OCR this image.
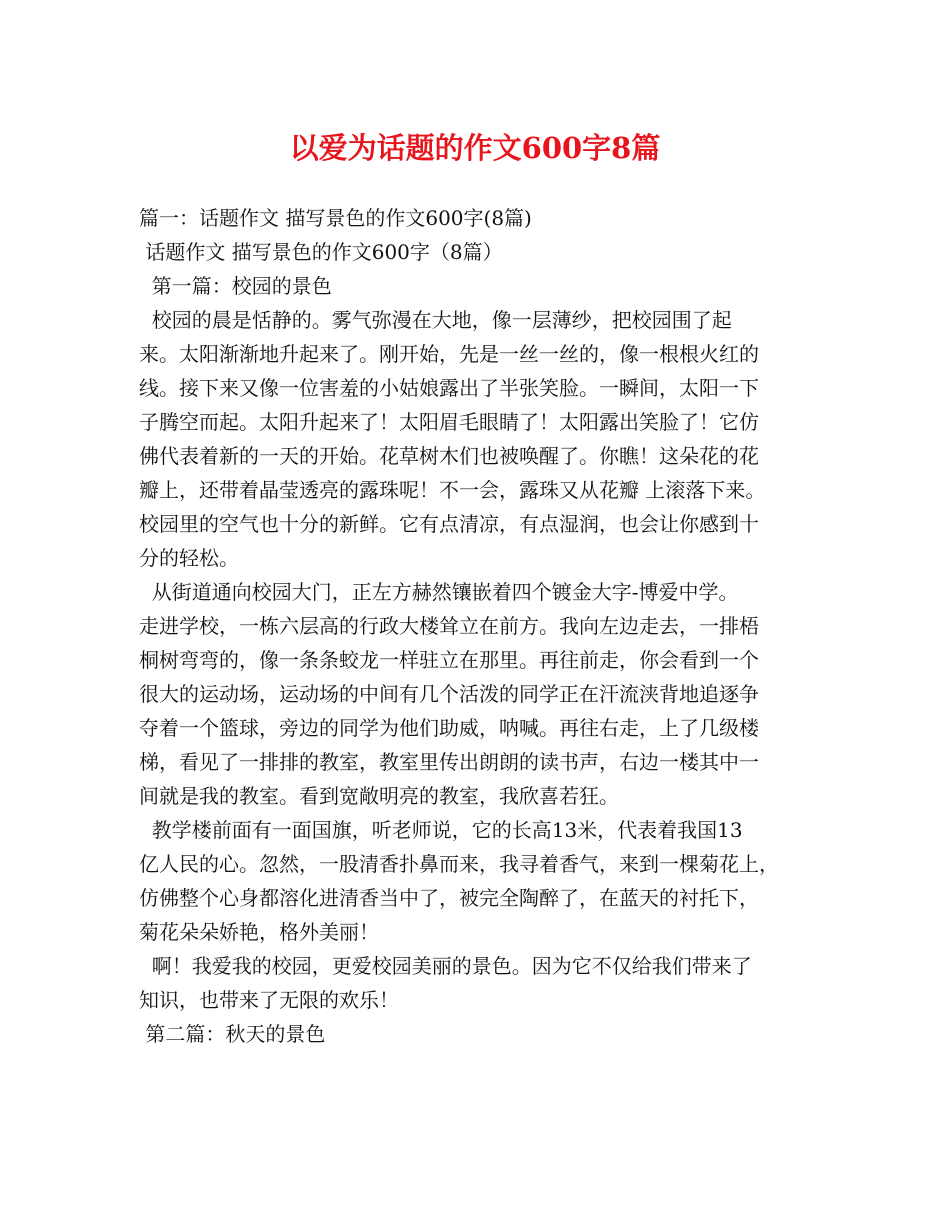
以爱为话题的作文600字8篇
篇一：话题作文 描写景色的作文600字(8篇)
话题作文 描写景色的作文600字（8篇）
第一篇：校园的景色
校园的晨是恬静的。雾气弥漫在大地，像一层薄纱，把校园围了起
来。太阳渐渐地升起来了。刚开始，先是一丝一丝的，像一根根火红的
线。接下来又像一位害羞的小姑娘露出了半张笑脸。一瞬间，太阳一下
子腾空而起。太阳升起来了！太阳眉毛眼睛了！太阳露出笑脸了！它仿
佛代表着新的一天的开始。花草树木们也被唤醒了。你瞧！这朵花的花
瓣上，还带着晶莹透亮的露珠呢！不一会，露珠又从花瓣 上滚落下来。
校园里的空气也十分的新鲜。它有点清凉，有点湿润，也会让你感到十
分的轻松。
从街道通向校园大门，正左方赫然镶嵌着四个镀金大字-博爱中学。
走进学校，一栋六层高的行政大楼耸立在前方。我向左边走去，一排梧
桐树弯弯的，像一条条蛟龙一样驻立在那里。再往前走，你会看到一个
很大的运动场，运动场的中间有几个活泼的同学正在汗流浃背地追逐争
夺着一个篮球，旁边的同学为他们助威，呐喊。再往右走，上了几级楼
梯，看见了一排排的教室，教室里传出朗朗的读书声，右边一楼其中一
间就是我的教室。看到宽敞明亮的教室，我欣喜若狂。
教学楼前面有一面国旗，听老师说，它的长高13米，代表着我国13
亿人民的心。忽然，一股清香扑鼻而来，我寻着香气，来到一棵菊花上，
仿佛整个心身都溶化进清香当中了，被完全陶醉了，在蓝天的衬托下，
菊花朵朵娇艳，格外美丽！
啊！我爱我的校园，更爱校园美丽的景色。因为它不仅给我们带来了
知识，也带来了无限的欢乐！
第二篇：秋天的景色
